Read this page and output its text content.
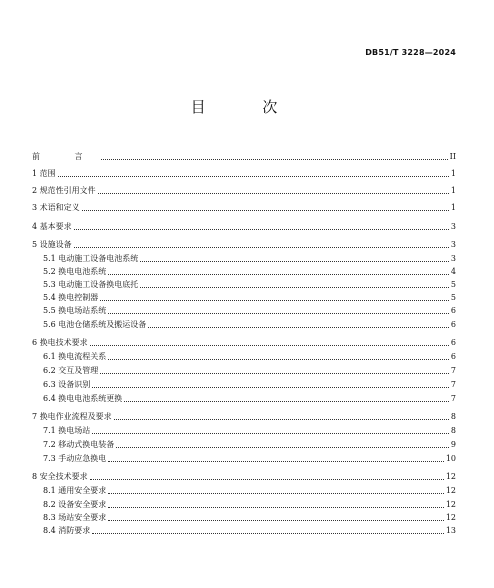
DB51/T 3228—2024
目 次
前 言	II
1 范围	1
2 规范性引用文件	1
3 术语和定义	1
4 基本要求	3
5 设施设备	3
5.1 电动施工设备电池系统	3
5.2 换电电池系统	4
5.3 电动施工设备换电底托	5
5.4 换电控制器	5
5.5 换电场站系统	6
5.6 电池仓储系统及搬运设备	6
6 换电技术要求	6
6.1 换电流程关系	6
6.2 交互及管理	7
6.3 设备识别	7
6.4 换电电池系统更换	7
7 换电作业流程及要求	8
7.1 换电场站	8
7.2 移动式换电装备	9
7.3 手动应急换电	10
8 安全技术要求	12
8.1 通用安全要求	12
8.2 设备安全要求	12
8.3 场站安全要求	12
8.4 消防要求	13
